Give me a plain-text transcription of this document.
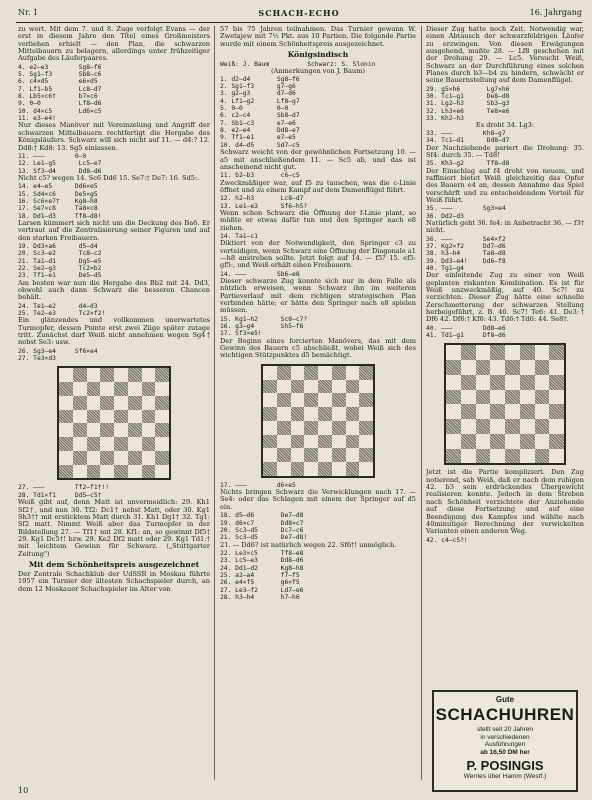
Nr. 1	SCHACH-ECHO	16. Jahrgang

zu wort. Mit dem 7. und 8. Zuge verfolgt Evans — der erst in diesem Jahre den Titel eines Großmeisters verliehen erhielt — den Plan, die schwarzen Mittelbauern zu belagern, allerdings unter frühzeitiger Aufgabe des Läuferpaares.

4. e2—e3        Sg8—f6
5. Sg1—f3       Sb8—c6
6. c4×d5        e6×d5
7. Lf1—b5       Lc8—d7
8. Lb5×c6†      b7×c6
9. 0—0          Lf8—d6
10. d4×c5       Ld6×c5
11. e3—e4!

Nur dieses Manöver mit Vereinzelung und Angriff der schwarzen Mittelbauern rechtfertigt die Hergabe des Königsläufers. Schwarz will sich nicht auf 11. — d4:? 12. Dd8:† Kd8: 13. Sg5 einlassen.

11. ———        0—0
12. Le1—g5      Lc5—e7
13. Sf3—d4      Dd8—d6

Nicht c5? wegen 14. Sc6 Dd6 15. Se7:† De7: 16. Sd5:.

14. e4—e5      Dd6×e5
15. Sd4×c6     De5×g5
16. Sc6×e7†    Kg8—h8
17. Se7×c8     Ta8×c8
18. Dd1—d3     Tf8—d8!

Larsen kümmert sich nicht um die Deckung des Ba6. Er vertraut auf die Zentralisierung seiner Figuren und auf den starken Freibauern.

19. Dd3×a6      d5—d4
20. Sc3—e2      Tc8—c2
21. Ta1—d1      Dg5—e5
22. Se2—g3      Tc2×b2
23. Tf1—e1      De5—d5

Am besten war nun die Hergabe des Bb2 mit 24. Dd3, obwohl auch dann Schwarz die besseren Chancen behält.

24. Te1—e2      d4—d3
25. Te2—e3      Tc2×f2!

Ein glänzendes und vollkommen unerwartetes Turmopfer, dessen Pointe erst zwei Züge später zutage tritt. Zunächst darf Weiß nicht annehmen wegen Sg4† nebst Se3: usw.

26. Sg3—e4     Sf6×e4
27. Te3×d3
27. ———        Tf2—f1†!!
28. Td1×f1     Dd5—c5†

Weiß gibt auf, denn Matt ist unvermeidlich: 29. Kh1 Sf2†, und nun 30. Tf2: Dc1† nebst Matt, oder 30. Kg1 Sh3†† mit ersticktem Matt durch 31. Kh1 Dg1† 32. Tg1: Sf2 matt. Nimmt Weiß aber das Turmopfer in der Bildstellung 27. — Tf1† mit 28. Kf1: an, so gewinnt Df5† 29. Kg1 Dc5†! bzw. 29. Ke2 Df2 matt oder 29. Kg1 Td1:† mit leichtem Gewinn für Schwarz. („Stuttgarter Zeitung")

Mit dem Schönheitspreis ausgezeichnet

Der Zentrale Schachklub der UdSSR in Moskau führte 1957 ein Turnier der ältesten Schachspieler durch, an dem 12 Moskauer Schachspieler im Alter von

57 bis 75 Jahren teilnahmen. Das Turnier gewann W. Zwetajew mit 7½ Pkt. aus 10 Partien. Die folgende Partie wurde mit einem Schönheitspreis ausgezeichnet.

Königsindisch
Weiß: J. Baum          Schwarz: S. Slonin
(Anmerkungen von J. Baum)
1. d2—d4       Sg8—f6
2. Sg1—f3      g7—g6
3. g2—g3       d7—d6
4. Lf1—g2      Lf8—g7
5. 0—0         0—0
6. c2—c4       Sb8—d7
7. Sb1—c3      e7—e6
8. e2—e4       Dd8—e7
9. Tf1—e1      e7—e5
10. d4—d5      Sd7—c5

Schwarz weicht von der gewöhnlichen Fortsetzung 10. — a5 mit anschließendem 11. — Sc5 ab, und das ist anscheinend nicht gut.

11. b2—b3       c6—c5

Zweckmäßiger war, auf f5 zu tauschen, was die c-Linie öffnet und zu einem Kampf auf dem Damenflügel führt.

12. h2—h3       Lc8—d7
13. Le1—e3      Sf6—h5?

Wenn schon Schwarz die Öffnung der f-Linie plant, so müßte er etwas dafür tun und den Springer nach e8 ziehen.

14. Ta1—c1

Diktiert von der Notwendigkeit, den Springer c3 zu verteidigen, wenn Schwarz eine Öffnung der Diagonale a1—h8 anstreben sollte. Jetzt folgt auf 14. — f5? 15. ef5: gf5:, und Weiß erhält einen Freibauern.

14. ———        Sb6—e8

Dieser schwarze Zug konnte sich nur in dem Falle als nützlich erweisen, wenn Schwarz ihn im weiteren Partieverlauf mit dem richtigen strategischen Plan verbinden hätte; er hätte den Springer nach e8 spielen müssen.

15. Kg1—h2      Sc8—c7?
16. g3—g4       Sh5—f6
17. Sf3×e5!

Der Beginn eines forcierten Manövers, das mit dem Gewinn des Bauern c5 abschließt, wobei Weiß sich des wichtigen Stützpunktes d5 bemächtigt.

17. ———        d6×e5

Nichts bringen Schwarz die Verwicklungen nach 17. — Se4: oder das Schlagen mit einem der Springer auf d5 ein.

18. d5—d6       De7—d8
19. d6×c7       Dd8×c7
20. Sc3—d5      Dc7—c6
21. Sc3—d5      De7—d8!

21. — Dd6? ist natürlich wegen 22. Sf6†! unmöglich.

22. Le3×c5      Tf8—e8
23. Lc5—e3      Dd8—d6
24. Dd1—d2      Kg8—h8
25. a2—a4       f7—f5
26. e4×f5       g6×f5
27. Le3—f2      Ld7—e6
28. h3—h4       h7—h6

Dieser Zug hatte noch Zeit. Notwendig war, einen Abtausch der schwarzfeldrigen Läufer zu erzwingen. Von diesen Erwägungen ausgehend, mußte 28. — Lf8 geschehen mit der Drohung 29. — Lc5. Versucht Weiß, Schwarz an der Durchführung eines solchen Planes durch b3—b4 zu hindern, schwächt er seine Bauernstellung auf dem Damenflügel.

29. g5×h6       Lg7×h6
30. Tc1—g1      De8—d8
31. Lg2—h3      Sb3—g3
32. Lh3×e6      Te8×e6
33. Kh2—h3
Es droht 34. Lg3:
33. ———        Kh8—g7
34. Tc1—d1      Dd8—d7

Der Nachziehende pariert die Drohung: 35. Sf4: durch 35. — Td8!

35. Kh3—g2      Tf8—d8

Der Einschlag auf f4 droht von neuem, und raffiniert bietet Weiß gleichzeitig das Opfer des Bauern e4 an, dessen Annahme das Spiel verschärft und zu entscheidendem Vorteil für Weiß führt.

35. ———        Sg3×e4
36. Dd2—d3

Natürlich geht 36. fe4: in Anbetracht 36. — f3† nicht.

36. ———        Se4×f2
37. Kg2×f2     Dd7—d6
38. h3—h4      Ta8—d8
39. Dd3—e4!    Dd6—f8
40. Tg1—g4

Der einleitende Zug zu einer von Weiß geplanten riskanten Kombination. Es ist für Weiß unzweckmäßig, auf 40. Sc7! zu verzichten. Dieser Zug hätte eine schnelle Zerschmetterung der schwarzen Stellung herbeigeführt, z. B. 40. Sc7! Te6: 41. De3:† Df6 42. Df6:† Kf6: 43. Td6:† Td6: 44. Se8†.

40. ———        Dd8—e6
41. Td1—g1     Df8—d6

Jetzt ist die Partie kompliziert. Den Zug notierend, sah Weiß, daß er nach dem ruhigen 42. b3 sein erdrückendes Übergewicht realisieren konnte. Jedoch in dem Streben nach Schönheit verzichtete der Anziehende auf diese Fortsetzung und auf eine Beendigung des Kampfes und wählte nach 40minutiger Berechnung der verwickelten Varianten einen anderen Weg.

42. c4—c5?!
Gute
SCHACHUHREN
stellt seit 20 Jahren
in verschiedenen
Ausführungen
ab 16,50 DM her
P. POSINGIS
Werries über Hamm (Westf.)
10
